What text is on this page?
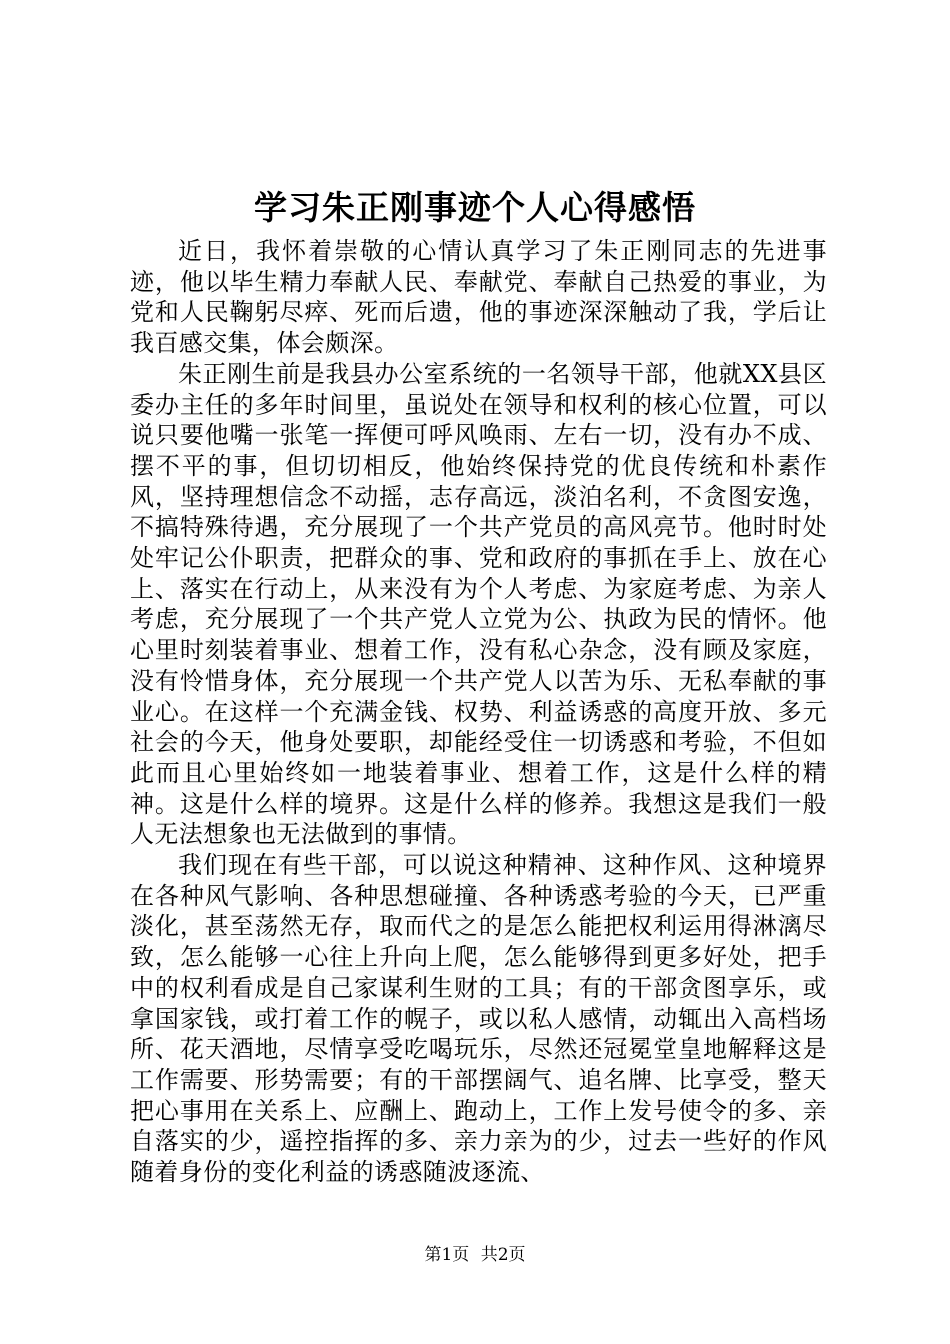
学习朱正刚事迹个人心得感悟

近日，我怀着崇敬的心情认真学习了朱正刚同志的先进事迹，他以毕生精力奉献人民、奉献党、奉献自己热爱的事业，为党和人民鞠躬尽瘁、死而后遗，他的事迹深深触动了我，学后让我百感交集，体会颇深。

朱正刚生前是我县办公室系统的一名领导干部，他就XX县区委办主任的多年时间里，虽说处在领导和权利的核心位置，可以说只要他嘴一张笔一挥便可呼风唤雨、左右一切，没有办不成、摆不平的事，但切切相反，他始终保持党的优良传统和朴素作风，坚持理想信念不动摇，志存高远，淡泊名利，不贪图安逸，不搞特殊待遇，充分展现了一个共产党员的高风亮节。他时时处处牢记公仆职责，把群众的事、党和政府的事抓在手上、放在心上、落实在行动上，从来没有为个人考虑、为家庭考虑、为亲人考虑，充分展现了一个共产党人立党为公、执政为民的情怀。他心里时刻装着事业、想着工作，没有私心杂念，没有顾及家庭，没有怜惜身体，充分展现一个共产党人以苦为乐、无私奉献的事业心。在这样一个充满金钱、权势、利益诱惑的高度开放、多元社会的今天，他身处要职，却能经受住一切诱惑和考验，不但如此而且心里始终如一地装着事业、想着工作，这是什么样的精神。这是什么样的境界。这是什么样的修养。我想这是我们一般人无法想象也无法做到的事情。

我们现在有些干部，可以说这种精神、这种作风、这种境界在各种风气影响、各种思想碰撞、各种诱惑考验的今天，已严重淡化，甚至荡然无存，取而代之的是怎么能把权利运用得淋漓尽致，怎么能够一心往上升向上爬，怎么能够得到更多好处，把手中的权利看成是自己家谋利生财的工具；有的干部贪图享乐，或拿国家钱，或打着工作的幌子，或以私人感情，动辄出入高档场所、花天酒地，尽情享受吃喝玩乐，尽然还冠冕堂皇地解释这是工作需要、形势需要；有的干部摆阔气、追名牌、比享受，整天把心事用在关系上、应酬上、跑动上，工作上发号使令的多、亲自落实的少，遥控指挥的多、亲力亲为的少，过去一些好的作风随着身份的变化利益的诱惑随波逐流、

第1页 共2页
